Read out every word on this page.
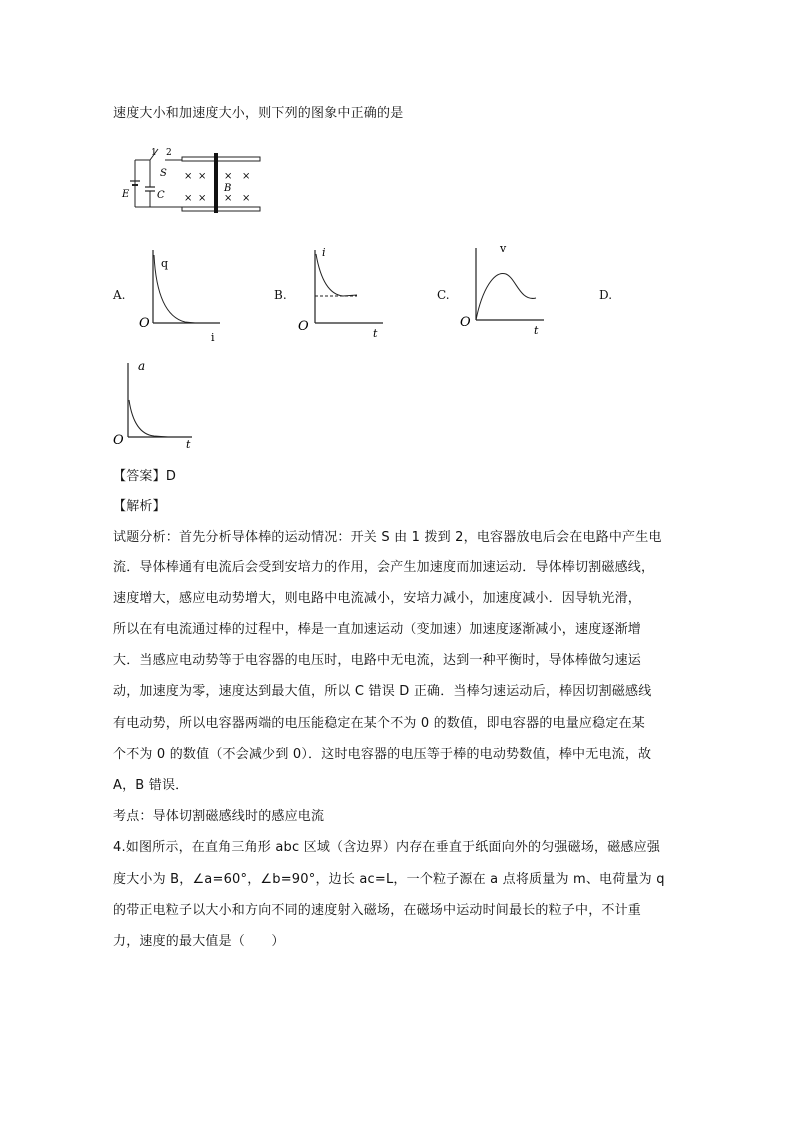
速度大小和加速度大小，则下列的图象中正确的是
× × × ×
× × × ×
1 2
S
E	C
B
A.
q
O
i
B.
i
O	t
C.
v
O
t
D.
a
O	t
【答案】D
【解析】
试题分析：首先分析导体棒的运动情况：开关 S 由 1 拨到 2，电容器放电后会在电路中产生电
流．导体棒通有电流后会受到安培力的作用，会产生加速度而加速运动．导体棒切割磁感线，
速度增大，感应电动势增大，则电路中电流减小，安培力减小，加速度减小．因导轨光滑，
所以在有电流通过棒的过程中，棒是一直加速运动（变加速）加速度逐渐减小，速度逐渐增
大．当感应电动势等于电容器的电压时，电路中无电流，达到一种平衡时，导体棒做匀速运
动，加速度为零，速度达到最大值，所以 C 错误 D 正确．当棒匀速运动后，棒因切割磁感线
有电动势，所以电容器两端的电压能稳定在某个不为 0 的数值，即电容器的电量应稳定在某
个不为 0 的数值（不会减少到 0）．这时电容器的电压等于棒的电动势数值，棒中无电流，故
A，B 错误．
考点：导体切割磁感线时的感应电流
4.如图所示，在直角三角形 abc 区域（含边界）内存在垂直于纸面向外的匀强磁场，磁感应强
度大小为 B，∠a=60°，∠b=90°，边长 ac=L，一个粒子源在 a 点将质量为 m、电荷量为 q
的带正电粒子以大小和方向不同的速度射入磁场，在磁场中运动时间最长的粒子中，不计重
力，速度的最大值是（　　）
